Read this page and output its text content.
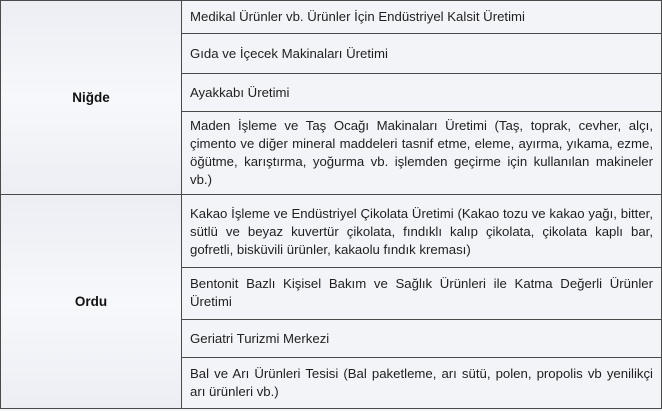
Niğde	Medikal Ürünler vb. Ürünler İçin Endüstriyel Kalsit Üretimi
	Gıda ve İçecek Makinaları Üretimi
	Ayakkabı Üretimi
	Maden İşleme ve Taş Ocağı Makinaları Üretimi (Taş, toprak, cevher, alçı, çimento ve diğer mineral maddeleri tasnif etme, eleme, ayırma, yıkama, ezme, öğütme, karıştırma, yoğurma vb. işlemden geçirme için kullanılan makineler vb.)
Ordu	Kakao İşleme ve Endüstriyel Çikolata Üretimi (Kakao tozu ve kakao yağı, bitter, sütlü ve beyaz kuvertür çikolata, fındıklı kalıp çikolata, çikolata kaplı bar, gofretli, bisküvili ürünler, kakaolu fındık kreması)
	Bentonit Bazlı Kişisel Bakım ve Sağlık Ürünleri ile Katma Değerli Ürünler Üretimi
	Geriatri Turizmi Merkezi
	Bal ve Arı Ürünleri Tesisi (Bal paketleme, arı sütü, polen, propolis vb yenilikçi arı ürünleri vb.)
